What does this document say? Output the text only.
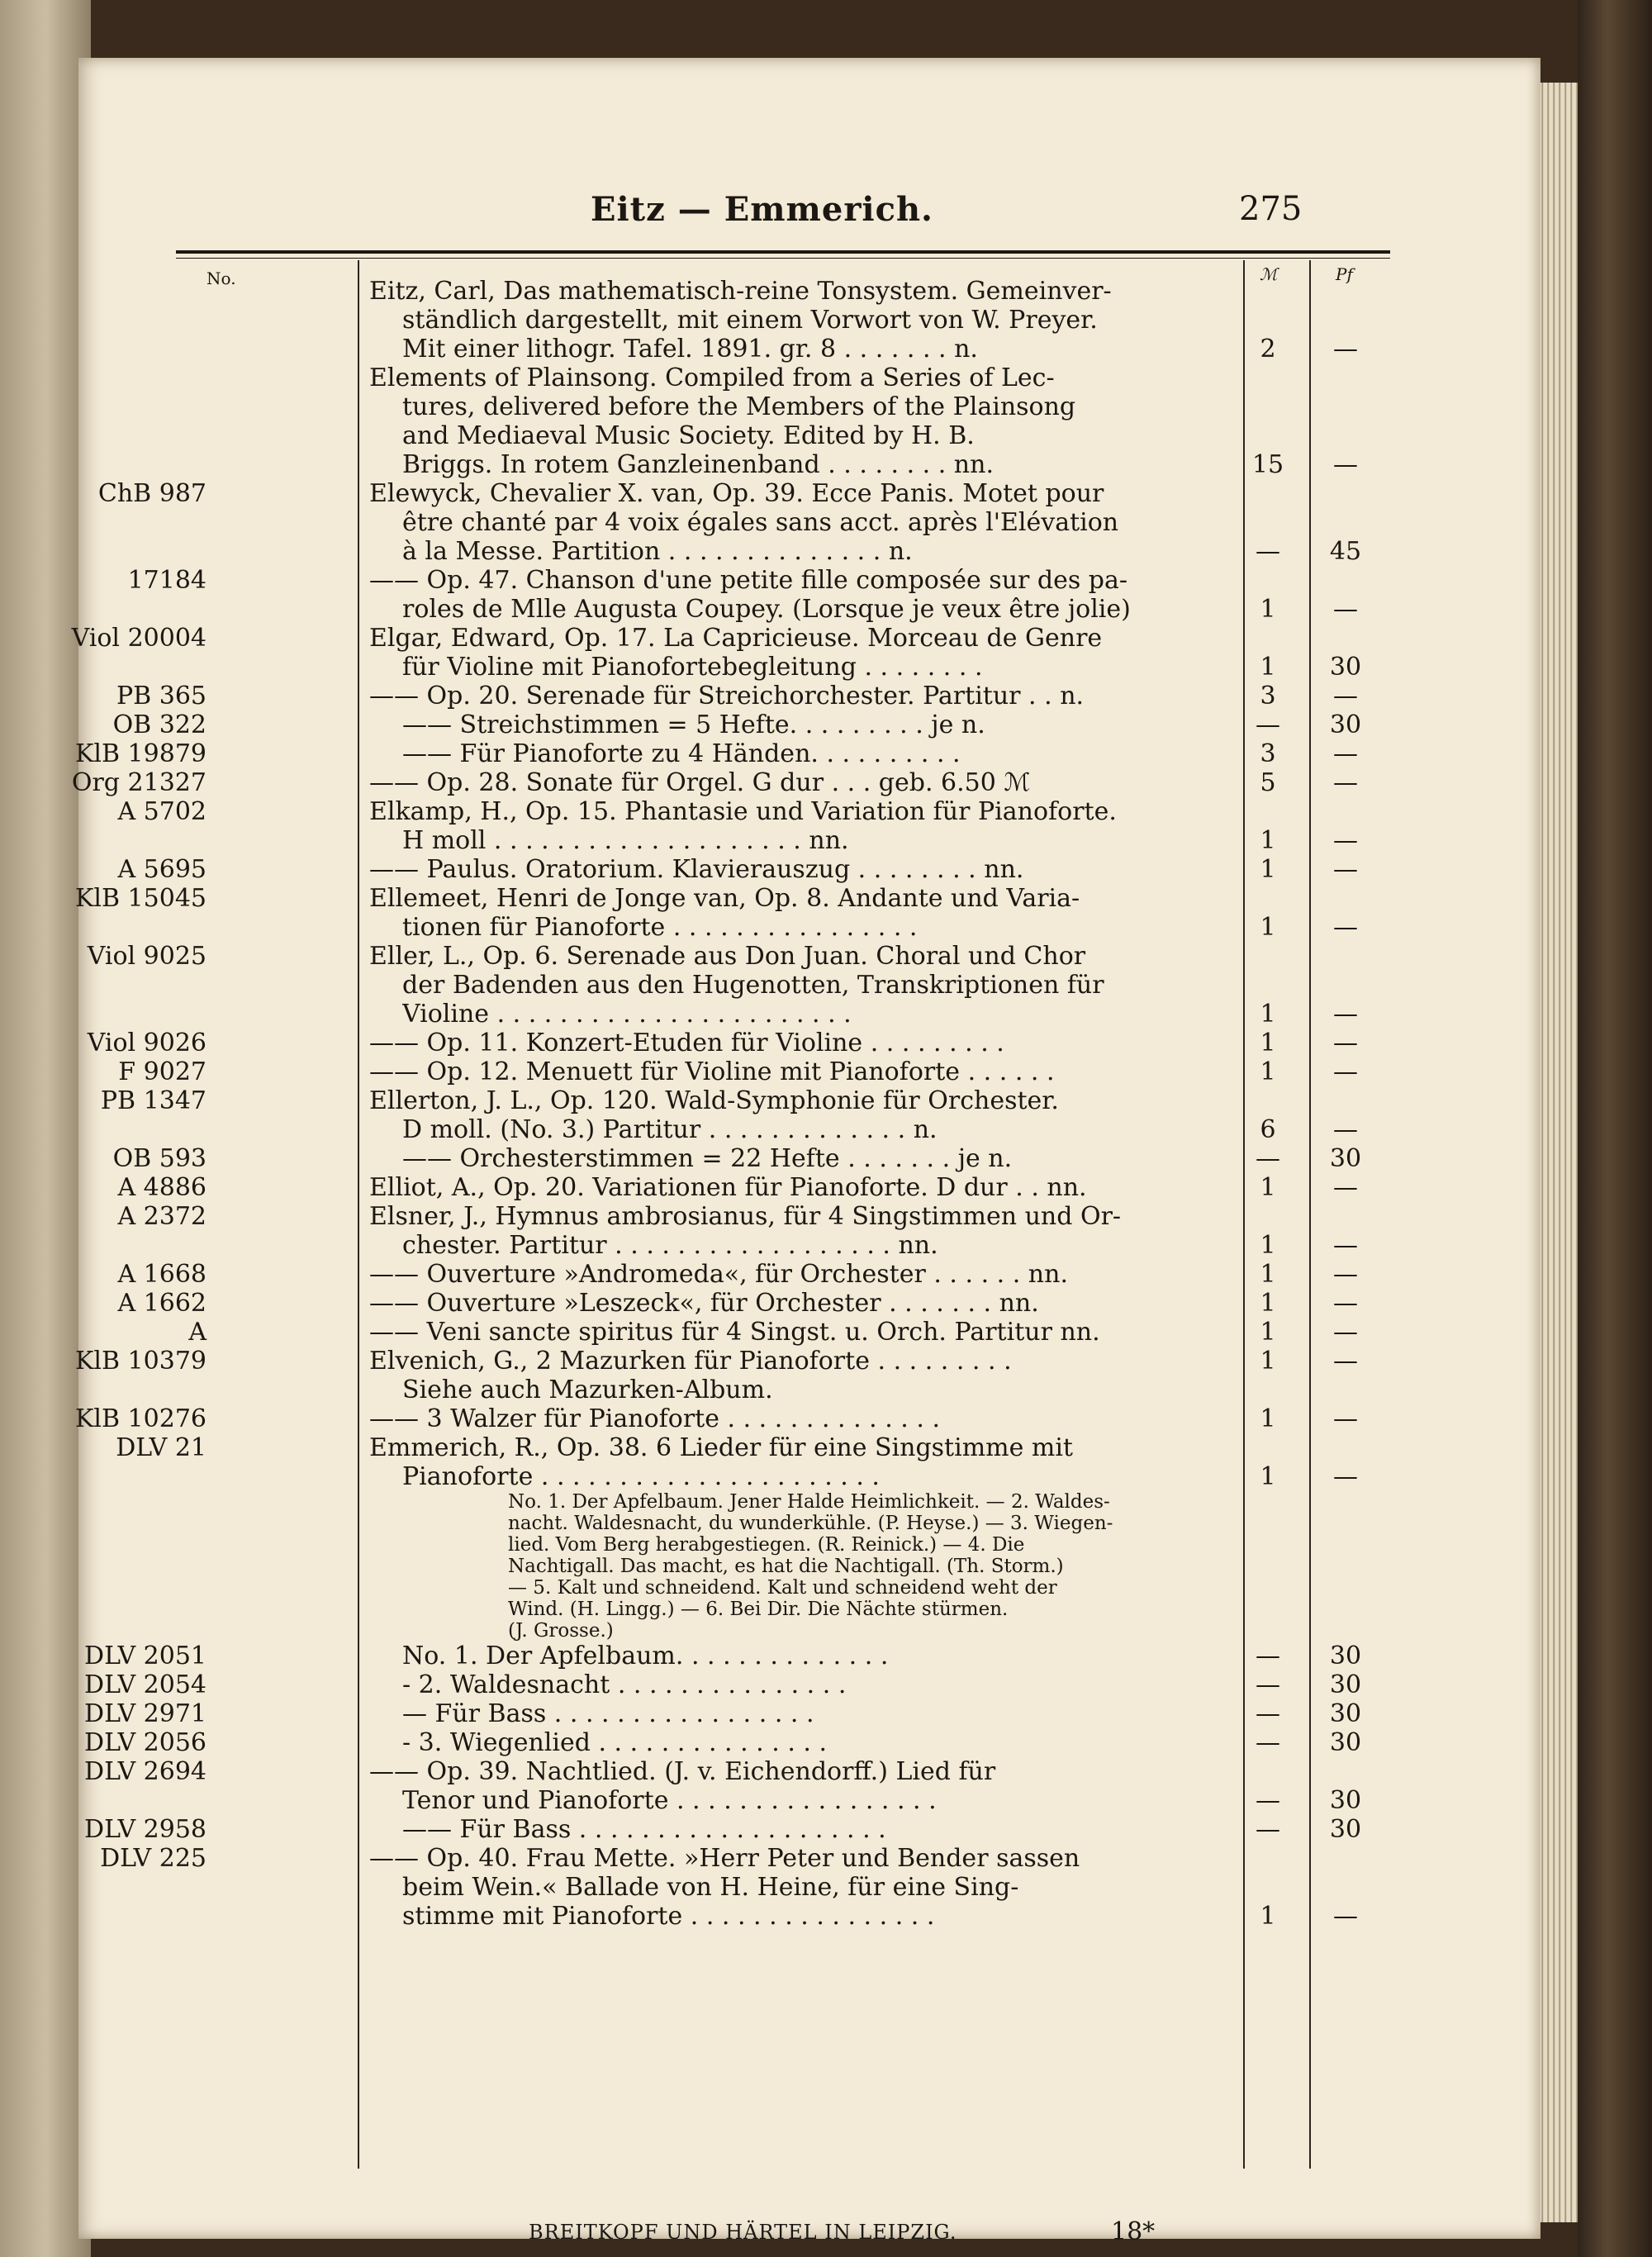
Eitz — Emmerich.	275
No.	ℳ	Pf
Eitz, Carl, Das mathematisch-reine Tonsystem. Gemeinver-
ständlich dargestellt, mit einem Vorwort von W. Preyer.
Mit einer lithogr. Tafel. 1891. gr. 8 . . . . . . . n.	2	—
Elements of Plainsong. Compiled from a Series of Lec-
tures, delivered before the Members of the Plainsong
and Mediaeval Music Society. Edited by H. B.
Briggs. In rotem Ganzleinenband . . . . . . . . nn.	15	—
ChB 987	Elewyck, Chevalier X. van, Op. 39. Ecce Panis. Motet pour
être chanté par 4 voix égales sans acct. après l'Elévation
à la Messe. Partition . . . . . . . . . . . . . . n.	—	45
17184	—— Op. 47. Chanson d'une petite fille composée sur des pa-
roles de Mlle Augusta Coupey. (Lorsque je veux être jolie)	1	—
Viol 20004	Elgar, Edward, Op. 17. La Capricieuse. Morceau de Genre
für Violine mit Pianofortebegleitung . . . . . . . .	1	30
PB 365	—— Op. 20. Serenade für Streichorchester. Partitur . . n.	3	—
OB 322	—— Streichstimmen = 5 Hefte. . . . . . . . . je n.	—	30
KlB 19879	—— Für Pianoforte zu 4 Händen. . . . . . . . . .	3	—
Org 21327	—— Op. 28. Sonate für Orgel. G dur . . . geb. 6.50 ℳ	5	—
A 5702	Elkamp, H., Op. 15. Phantasie und Variation für Pianoforte.
H moll . . . . . . . . . . . . . . . . . . . . nn.	1	—
A 5695	—— Paulus. Oratorium. Klavierauszug . . . . . . . . nn.	1	—
KlB 15045	Ellemeet, Henri de Jonge van, Op. 8. Andante und Varia-
tionen für Pianoforte . . . . . . . . . . . . . . . .	1	—
Viol 9025	Eller, L., Op. 6. Serenade aus Don Juan. Choral und Chor
der Badenden aus den Hugenotten, Transkriptionen für
Violine . . . . . . . . . . . . . . . . . . . . . . .	1	—
Viol 9026	—— Op. 11. Konzert-Etuden für Violine . . . . . . . . .	1	—
F 9027	—— Op. 12. Menuett für Violine mit Pianoforte . . . . . .	1	—
PB 1347	Ellerton, J. L., Op. 120. Wald-Symphonie für Orchester.
D moll. (No. 3.) Partitur . . . . . . . . . . . . . n.	6	—
OB 593	—— Orchesterstimmen = 22 Hefte . . . . . . . je n.	—	30
A 4886	Elliot, A., Op. 20. Variationen für Pianoforte. D dur . . nn.	1	—
A 2372	Elsner, J., Hymnus ambrosianus, für 4 Singstimmen und Or-
chester. Partitur . . . . . . . . . . . . . . . . . . nn.	1	—
A 1668	—— Ouverture »Andromeda«, für Orchester . . . . . . nn.	1	—
A 1662	—— Ouverture »Leszeck«, für Orchester . . . . . . . nn.	1	—
A	—— Veni sancte spiritus für 4 Singst. u. Orch. Partitur nn.	1	—
KlB 10379	Elvenich, G., 2 Mazurken für Pianoforte . . . . . . . . .	1	—
Siehe auch Mazurken-Album.
KlB 10276	—— 3 Walzer für Pianoforte . . . . . . . . . . . . . .	1	—
DLV 21	Emmerich, R., Op. 38. 6 Lieder für eine Singstimme mit
Pianoforte . . . . . . . . . . . . . . . . . . . . . .	1	—
No. 1. Der Apfelbaum. Jener Halde Heimlichkeit. — 2. Waldes-
nacht. Waldesnacht, du wunderkühle. (P. Heyse.) — 3. Wiegen-
lied. Vom Berg herabgestiegen. (R. Reinick.) — 4. Die
Nachtigall. Das macht, es hat die Nachtigall. (Th. Storm.)
— 5. Kalt und schneidend. Kalt und schneidend weht der
Wind. (H. Lingg.) — 6. Bei Dir. Die Nächte stürmen.
(J. Grosse.)
DLV 2051	No. 1. Der Apfelbaum. . . . . . . . . . . . . .	—	30
DLV 2054	- 2. Waldesnacht . . . . . . . . . . . . . . .	—	30
DLV 2971	— Für Bass . . . . . . . . . . . . . . . . .	—	30
DLV 2056	- 3. Wiegenlied . . . . . . . . . . . . . . .	—	30
DLV 2694	—— Op. 39. Nachtlied. (J. v. Eichendorff.) Lied für
Tenor und Pianoforte . . . . . . . . . . . . . . . . .	—	30
DLV 2958	—— Für Bass . . . . . . . . . . . . . . . . . . . .	—	30
DLV 225	—— Op. 40. Frau Mette. »Herr Peter und Bender sassen
beim Wein.« Ballade von H. Heine, für eine Sing-
stimme mit Pianoforte . . . . . . . . . . . . . . . .	1	—
BREITKOPF UND HÄRTEL IN LEIPZIG.	18*
